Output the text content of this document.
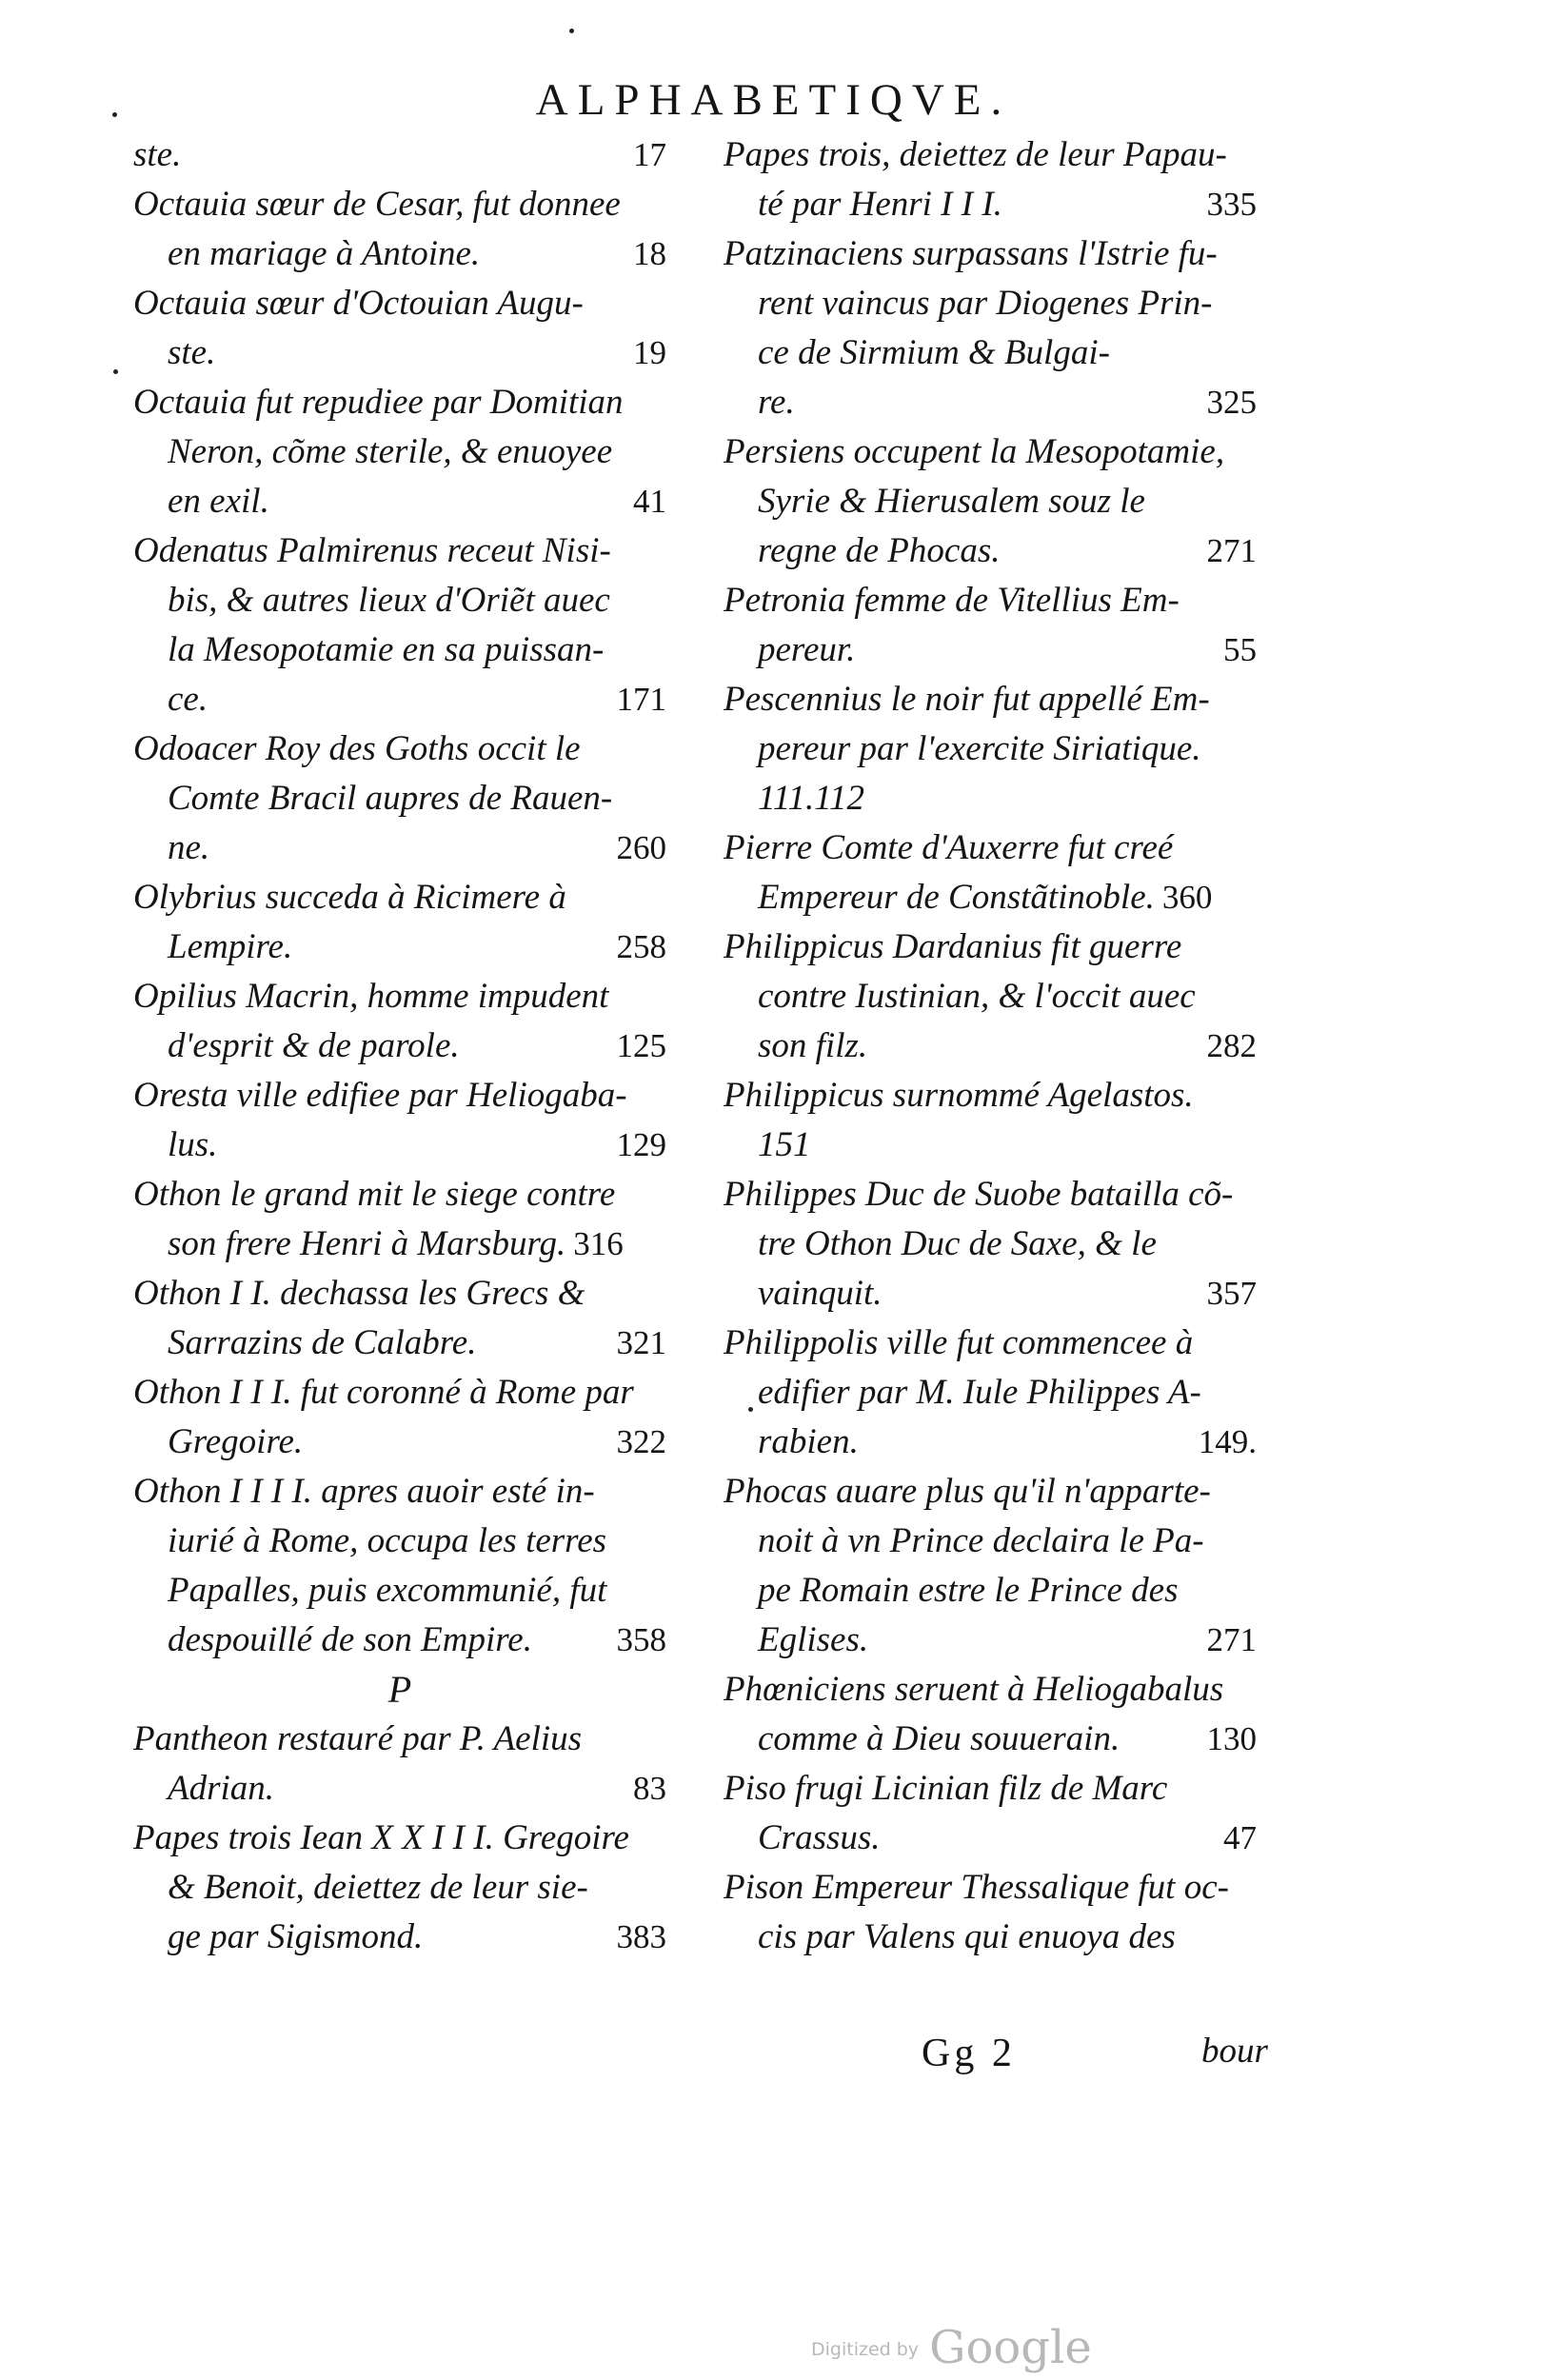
ALPHABETIQVE.
ste.	17
Octauia sœur de Cesar, fut donnee
en mariage à Antoine.	18
Octauia sœur d'Octouian Augu-
ste.	19
Octauia fut repudiee par Domitian
Neron, cõme sterile, & enuoyee
en exil.	41
Odenatus Palmirenus receut Nisi-
bis, & autres lieux d'Oriẽt auec
la Mesopotamie en sa puissan-
ce.	171
Odoacer Roy des Goths occit le
Comte Bracil aupres de Rauen-
ne.	260
Olybrius succeda à Ricimere à
Lempire.	258
Opilius Macrin, homme impudent
d'esprit & de parole.	125
Oresta ville edifiee par Heliogaba-
lus.	129
Othon le grand mit le siege contre
son frere Henri à Marsburg. 316
Othon I I. dechassa les Grecs &
Sarrazins de Calabre.	321
Othon I I I. fut coronné à Rome par
Gregoire.	322
Othon I I I I. apres auoir esté in-
iurié à Rome, occupa les terres
Papalles, puis excommunié, fut
despouillé de son Empire.	358
P
Pantheon restauré par P. Aelius
Adrian.	83
Papes trois Iean X X I I I. Gregoire
& Benoit, deiettez de leur sie-
ge par Sigismond.	383
Papes trois, deiettez de leur Papau-
té par Henri I I I.	335
Patzinaciens surpassans l'Istrie fu-
rent vaincus par Diogenes Prin-
ce de Sirmium & Bulgai-
re.	325
Persiens occupent la Mesopotamie,
Syrie & Hierusalem souz le
regne de Phocas.	271
Petronia femme de Vitellius Em-
pereur.	55
Pescennius le noir fut appellé Em-
pereur par l'exercite Siriatique.
111.112
Pierre Comte d'Auxerre fut creé
Empereur de Constãtinoble. 360
Philippicus Dardanius fit guerre
contre Iustinian, & l'occit auec
son filz.	282
Philippicus surnommé Agelastos.
151
Philippes Duc de Suobe batailla cõ-
tre Othon Duc de Saxe, & le
vainquit.	357
Philippolis ville fut commencee à
edifier par M. Iule Philippes A-
rabien.	149.
Phocas auare plus qu'il n'apparte-
noit à vn Prince declaira le Pa-
pe Romain estre le Prince des
Eglises.	271
Phœniciens seruent à Heliogabalus
comme à Dieu souuerain.	130
Piso frugi Licinian filz de Marc
Crassus.	47
Pison Empereur Thessalique fut oc-
cis par Valens qui enuoya des
Gg 2	bour
Digitized by Google
